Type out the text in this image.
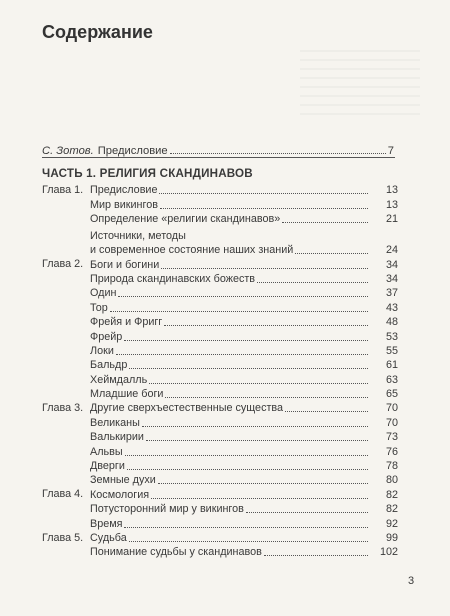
Содержание
С. Зотов. Предисловие	7
ЧАСТЬ 1. РЕЛИГИЯ СКАНДИНАВОВ
Глава 1. Предисловие	13
Мир викингов	13
Определение «религии скандинавов»	21
Источники, методы
и современное состояние наших знаний	24
Глава 2. Боги и богини	34
Природа скандинавских божеств	34
Один	37
Тор	43
Фрейя и Фригг	48
Фрейр	53
Локи	55
Бальдр	61
Хеймдалль	63
Младшие боги	65
Глава 3. Другие сверхъестественные существа	70
Великаны	70
Валькирии	73
Альвы	76
Дверги	78
Земные духи	80
Глава 4. Космология	82
Потусторонний мир у викингов	82
Время	92
Глава 5. Судьба	99
Понимание судьбы у скандинавов	102
3
